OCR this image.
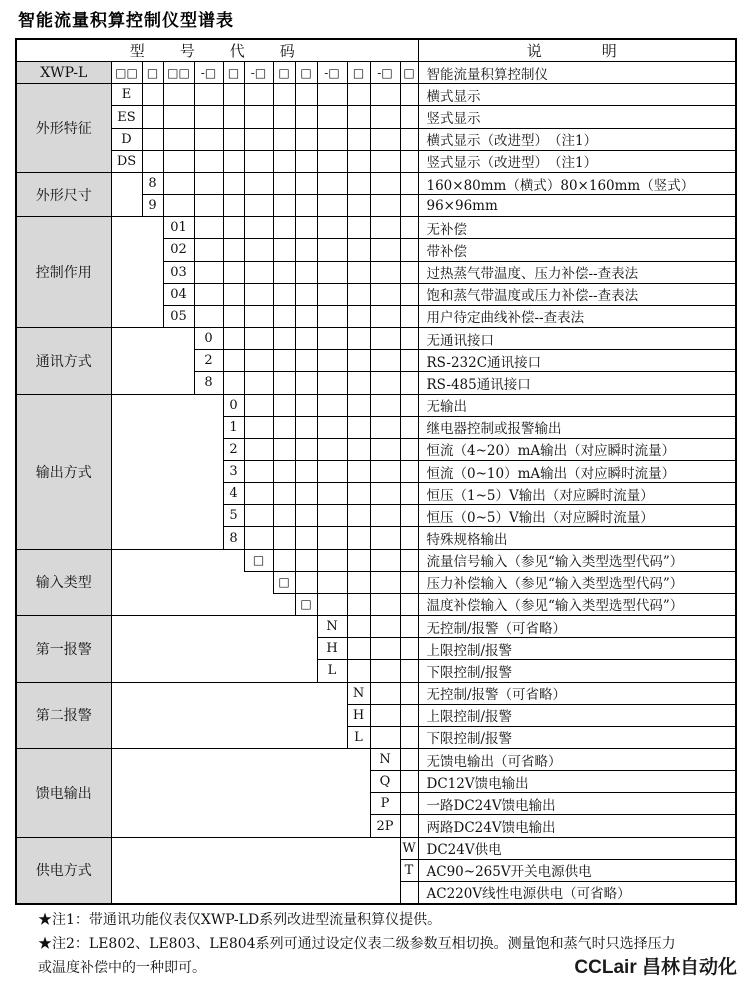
智能流量积算控制仪型谱表
型　号　代　码													说　　明
XWP-L	□□	□	□□	-□	□	-□	□	□	-□	□	-□	□	智能流量积算控制仪
外形特征	E												横式显示
	ES												竖式显示
	D												横式显示（改进型）　（注1）
	DS												竖式显示（改进型）　（注1）
外形尺寸		8											160×80mm（横式）80×160mm（竖式）
		9											96×96mm
控制作用			01										无补偿
			02										带补偿
			03										过热蒸气带温度、压力补偿--查表法
			04										饱和蒸气带温度或压力补偿--查表法
			05										用户待定曲线补偿--查表法
通讯方式				0									无通讯接口
				2									RS-232C通讯接口
				8									RS-485通讯接口
输出方式					0								无输出
					1								继电器控制或报警输出
					2								恒流（4~20）mA输出（对应瞬时流量）
					3								恒流（0~10）mA输出（对应瞬时流量）
					4								恒压（1~5）V输出（对应瞬时流量）
					5								恒压（0~5）V输出（对应瞬时流量）
					8								特殊规格输出
输入类型						□							流量信号输入（参见“输入类型选型代码”）
							□						压力补偿输入（参见“输入类型选型代码”）
								□					温度补偿输入（参见“输入类型选型代码”）
第一报警									N				无控制/报警（可省略）
									H				上限控制/报警
									L				下限控制/报警
第二报警										N			无控制/报警（可省略）
										H			上限控制/报警
										L			下限控制/报警
馈电输出											N		无馈电输出（可省略）
											Q		DC12V馈电输出
											P		一路DC24V馈电输出
											2P		两路DC24V馈电输出
供电方式												W	DC24V供电
												T	AC90~265V开关电源供电
													AC220V线性电源供电（可省略）
★注1：带通讯功能仪表仅XWP-LD系列改进型流量积算仪提供。
★注2：LE802、LE803、LE804系列可通过设定仪表二级参数互相切换。测量饱和蒸气时只选择压力
或温度补偿中的一种即可。	CCLair 昌林自动化
